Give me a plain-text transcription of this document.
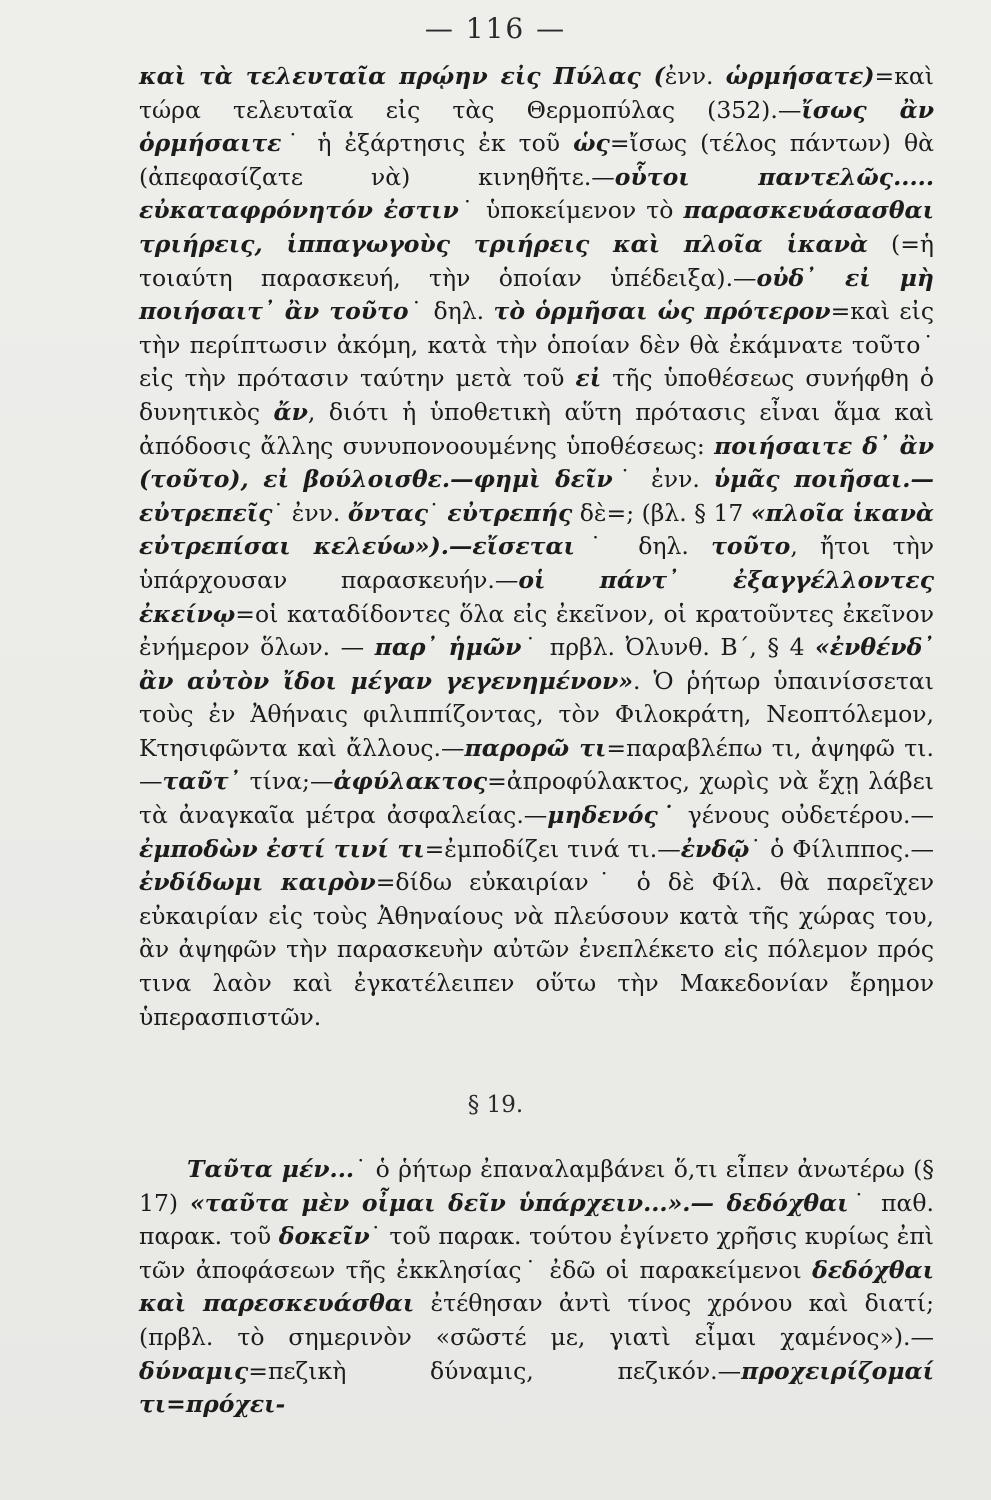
— 116 —

καὶ τὰ τελευταῖα πρῴην εἰς Πύλας (ἐνν. ὡρμήσατε)=καὶ τώρα τελευταῖα εἰς τὰς Θερμοπύλας (352).—ἴσως ἂν ὁρμήσαιτε˙ ἡ ἐξάρτησις ἐκ τοῦ ὡς=ἴσως (τέλος πάντων) θὰ (ἀπεφασίζατε νὰ) κινηθῆτε.—οὗτοι παντελῶς..... εὐκαταφρόνητόν ἐστιν˙ ὑποκείμενον τὸ παρασκευάσασθαι τριήρεις, ἱππαγωγοὺς τριήρεις καὶ πλοῖα ἱκανὰ (=ἡ τοιαύτη παρασκευή, τὴν ὁποίαν ὑπέδειξα).—οὐδ᾽ εἰ μὴ ποιήσαιτ᾽ ἂν τοῦτο˙ δηλ. τὸ ὁρμῆσαι ὡς πρότερον=καὶ εἰς τὴν περίπτωσιν ἀκόμη, κατὰ τὴν ὁποίαν δὲν θὰ ἐκάμνατε τοῦτο˙ εἰς τὴν πρότασιν ταύτην μετὰ τοῦ εἰ τῆς ὑποθέσεως συνήφθη ὁ δυνητικὸς ἄν, διότι ἡ ὑποθετικὴ αὕτη πρότασις εἶναι ἅμα καὶ ἀπόδοσις ἄλλης συνυπονοουμένης ὑποθέσεως: ποιήσαιτε δ᾽ ἂν (τοῦτο), εἰ βούλοισθε.—φημὶ δεῖν˙ ἐνν. ὑμᾶς ποιῆσαι.—εὐτρεπεῖς˙ ἐνν. ὄντας˙ εὐτρεπής δὲ=; (βλ. § 17 «πλοῖα ἱκανὰ εὐτρεπίσαι κελεύω»).—εἴσεται˙ δηλ. τοῦτο, ἤτοι τὴν ὑπάρχουσαν παρασκευήν.—οἱ πάντ᾽ ἐξαγγέλλοντες ἐκείνῳ=οἱ καταδίδοντες ὅλα εἰς ἐκεῖνον, οἱ κρατοῦντες ἐκεῖνον ἐνήμερον ὅλων. — παρ᾽ ἡμῶν˙ πρβλ. Ὀλυνθ. Β΄, § 4 «ἐνθένδ᾽ ἂν αὐτὸν ἴδοι μέγαν γεγενημένον». Ὁ ῥήτωρ ὑπαινίσσεται τοὺς ἐν Ἀθήναις φιλιππίζοντας, τὸν Φιλοκράτη, Νεοπτόλεμον, Κτησιφῶντα καὶ ἄλλους.—παρορῶ τι=παραβλέπω τι, ἀψηφῶ τι.—ταῦτ᾽ τίνα;—ἀφύλακτος=ἀπροφύλακτος, χωρὶς νὰ ἔχῃ λάβει τὰ ἀναγκαῖα μέτρα ἀσφαλείας.—μηδενός˙ γένους οὐδετέρου.—ἐμποδὼν ἐστί τινί τι=ἐμποδίζει τινά τι.—ἐνδῷ˙ ὁ Φίλιππος.—ἐνδίδωμι καιρὸν=δίδω εὐκαιρίαν˙ ὁ δὲ Φίλ. θὰ παρεῖχεν εὐκαιρίαν εἰς τοὺς Ἀθηναίους νὰ πλεύσουν κατὰ τῆς χώρας του, ἂν ἀψηφῶν τὴν παρασκευὴν αὐτῶν ἐνεπλέκετο εἰς πόλεμον πρός τινα λαὸν καὶ ἐγκατέλειπεν οὕτω τὴν Μακεδονίαν ἔρημον ὑπερασπιστῶν.

§ 19.

Ταῦτα μέν...˙ ὁ ῥήτωρ ἐπαναλαμβάνει ὅ,τι εἶπεν ἀνωτέρω (§ 17) «ταῦτα μὲν οἶμαι δεῖν ὑπάρχειν...».— δεδόχθαι˙ παθ. παρακ. τοῦ δοκεῖν˙ τοῦ παρακ. τούτου ἐγίνετο χρῆσις κυρίως ἐπὶ τῶν ἀποφάσεων τῆς ἐκκλησίας˙ ἐδῶ οἱ παρακείμενοι δεδόχθαι καὶ παρεσκευάσθαι ἐτέθησαν ἀντὶ τίνος χρόνου καὶ διατί; (πρβλ. τὸ σημερινὸν «σῶστέ με, γιατὶ εἶμαι χαμένος»).—δύναμις=πεζικὴ δύναμις, πεζικόν.—προχειρίζομαί τι=πρόχει-
